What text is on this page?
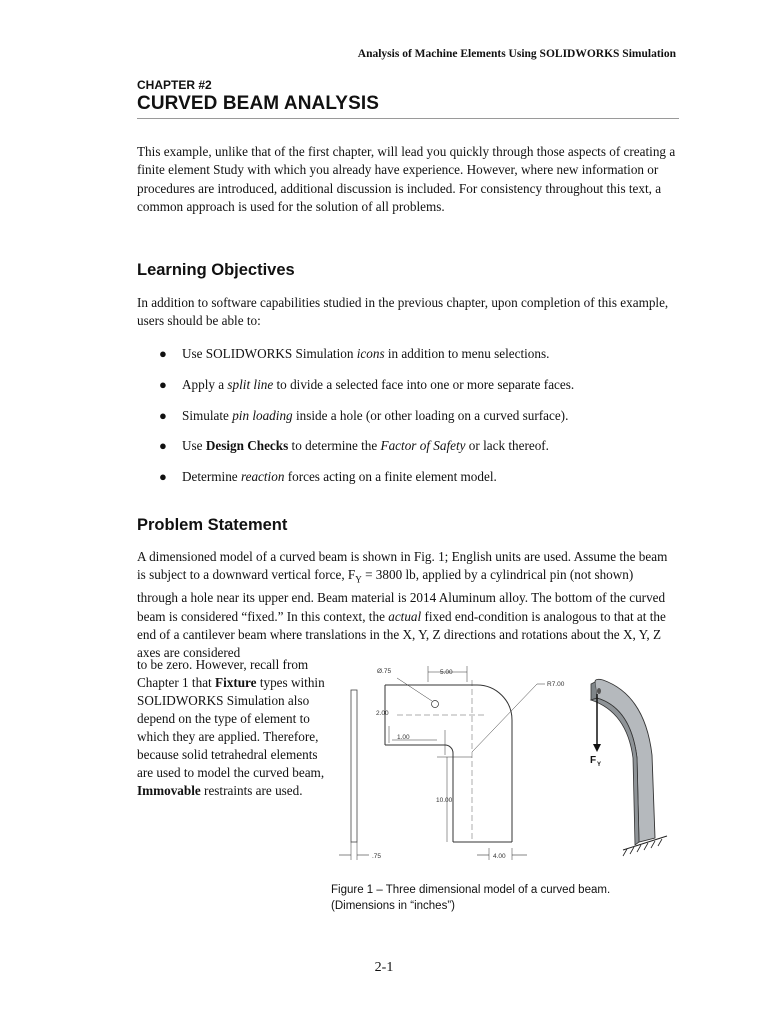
Analysis of Machine Elements Using SOLIDWORKS Simulation
CHAPTER #2
CURVED BEAM ANALYSIS
This example, unlike that of the first chapter, will lead you quickly through those aspects of creating a finite element Study with which you already have experience. However, where new information or procedures are introduced, additional discussion is included. For consistency throughout this text, a common approach is used for the solution of all problems.
Learning Objectives
In addition to software capabilities studied in the previous chapter, upon completion of this example, users should be able to:
● Use SOLIDWORKS Simulation icons in addition to menu selections.
● Apply a split line to divide a selected face into one or more separate faces.
● Simulate pin loading inside a hole (or other loading on a curved surface).
● Use Design Checks to determine the Factor of Safety or lack thereof.
● Determine reaction forces acting on a finite element model.
Problem Statement
A dimensioned model of a curved beam is shown in Fig. 1; English units are used. Assume the beam is subject to a downward vertical force, $F_Y = 3800$ lb, applied by a cylindrical pin (not shown) through a hole near its upper end. Beam material is 2014 Aluminum alloy. The bottom of the curved beam is considered “fixed.” In this context, the actual fixed end-condition is analogous to that at the end of a cantilever beam where translations in the X, Y, Z directions and rotations about the X, Y, Z axes are considered

to be zero. However, recall from Chapter 1 that Fixture types within SOLIDWORKS Simulation also depend on the type of element to which they are applied. Therefore, because solid tetrahedral elements are used to model the curved beam, Immovable restraints are used.

.75
Ø.75	5.00
R7.00
2.00
1.00
10.00
4.00
F Y
Figure 1 – Three dimensional model of a curved beam.
(Dimensions in “inches”)
2-1
